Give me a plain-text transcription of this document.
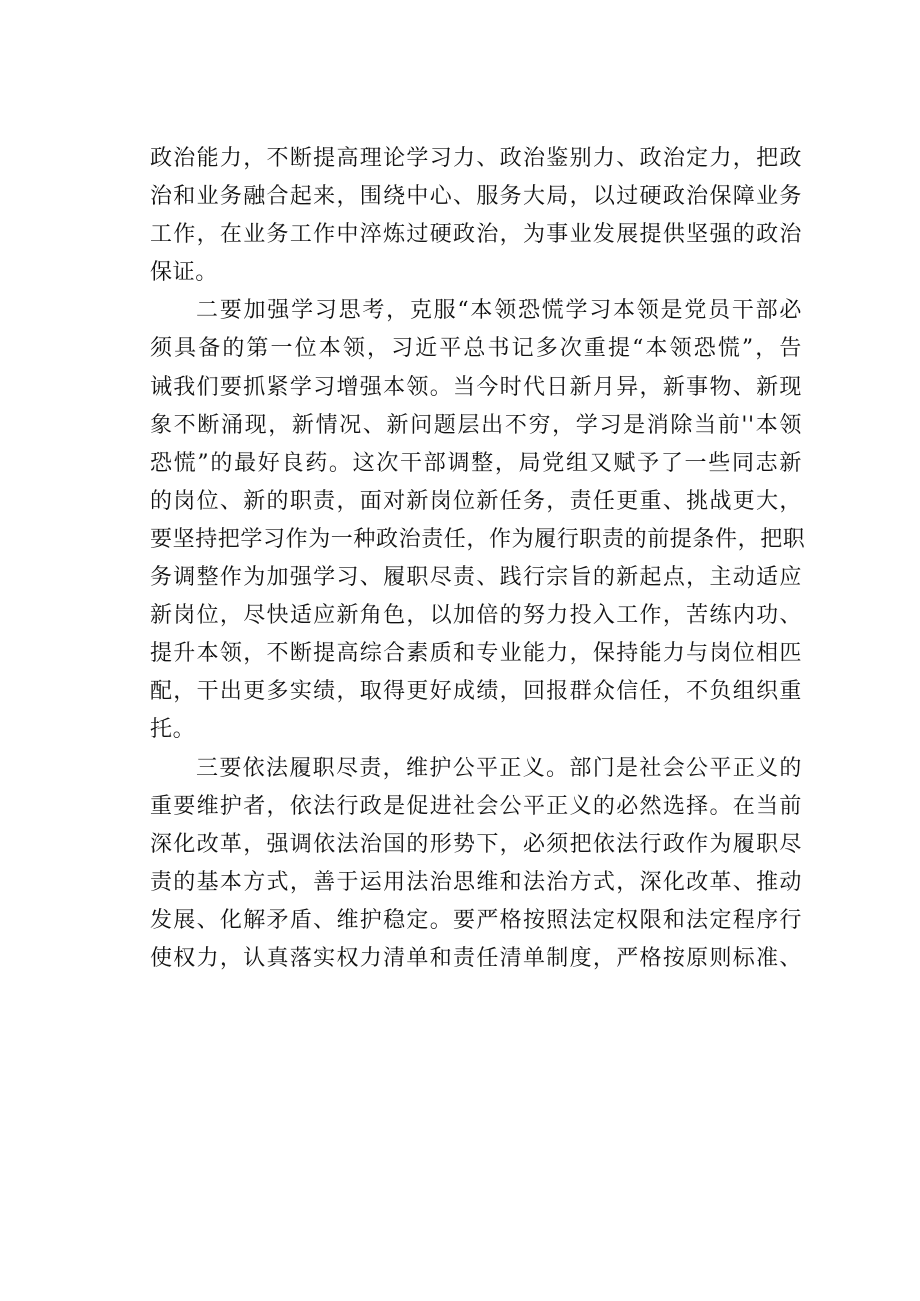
政治能力，不断提高理论学习力、政治鉴别力、政治定力，把政
治和业务融合起来，围绕中心、服务大局，以过硬政治保障业务
工作，在业务工作中淬炼过硬政治，为事业发展提供坚强的政治
保证。
二要加强学习思考，克服“本领恐慌学习本领是党员干部必
须具备的第一位本领，习近平总书记多次重提“本领恐慌”，告
诫我们要抓紧学习增强本领。当今时代日新月异，新事物、新现
象不断涌现，新情况、新问题层出不穷，学习是消除当前''本领
恐慌”的最好良药。这次干部调整，局党组又赋予了一些同志新
的岗位、新的职责，面对新岗位新任务，责任更重、挑战更大，
要坚持把学习作为一种政治责任，作为履行职责的前提条件，把职
务调整作为加强学习、履职尽责、践行宗旨的新起点，主动适应
新岗位，尽快适应新角色，以加倍的努力投入工作，苦练内功、
提升本领，不断提高综合素质和专业能力，保持能力与岗位相匹
配，干出更多实绩，取得更好成绩，回报群众信任，不负组织重
托。
三要依法履职尽责，维护公平正义。部门是社会公平正义的
重要维护者，依法行政是促进社会公平正义的必然选择。在当前
深化改革，强调依法治国的形势下，必须把依法行政作为履职尽
责的基本方式，善于运用法治思维和法治方式，深化改革、推动
发展、化解矛盾、维护稳定。要严格按照法定权限和法定程序行
使权力，认真落实权力清单和责任清单制度，严格按原则标准、
